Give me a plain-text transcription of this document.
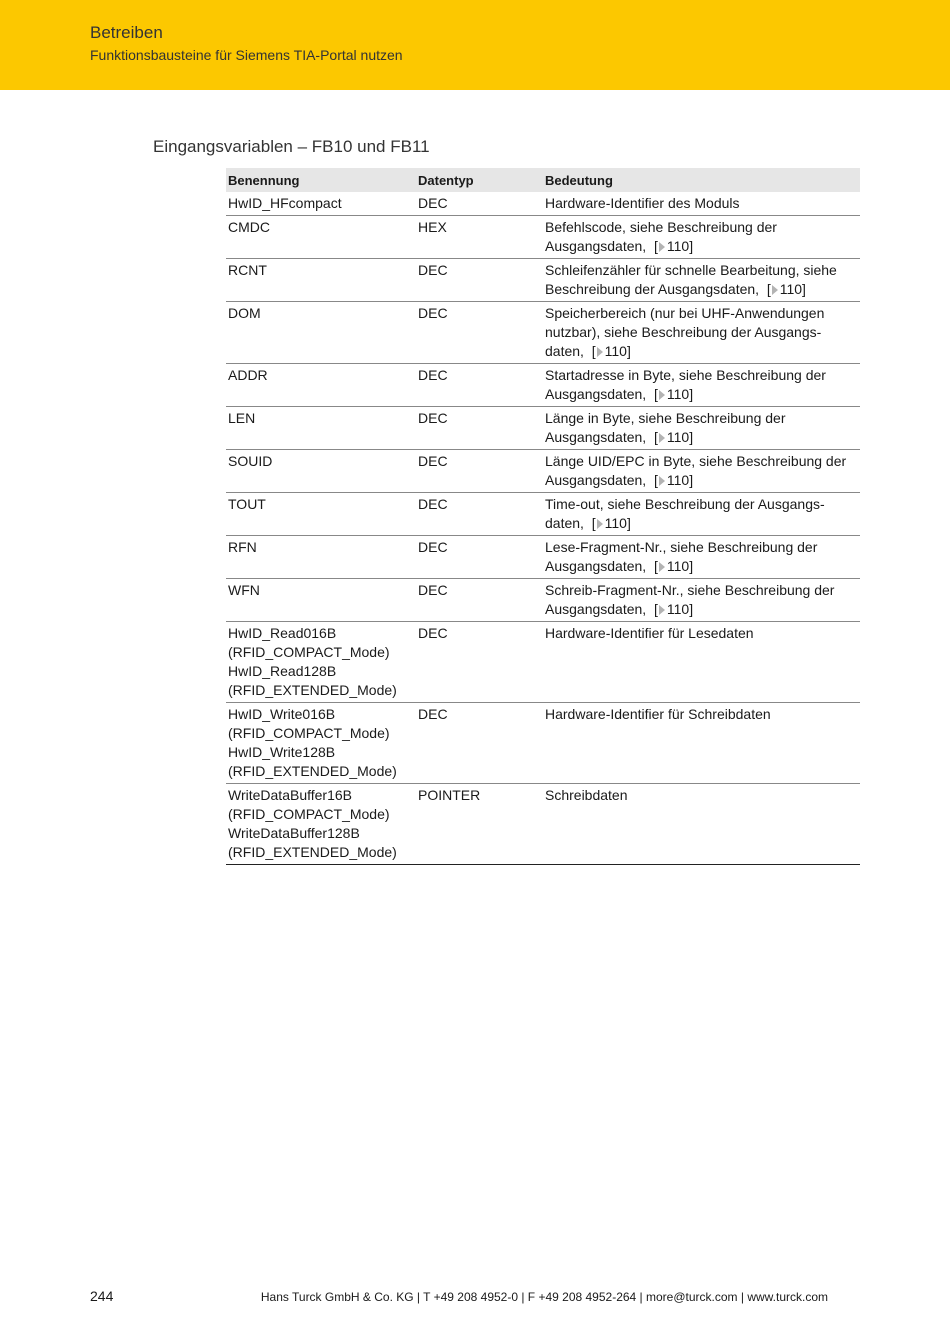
Betreiben
Funktionsbausteine für Siemens TIA-Portal nutzen
Eingangsvariablen – FB10 und FB11
Benennung	Datentyp	Bedeutung
HwID_HFcompact	DEC	Hardware-Identifier des Moduls
CMDC	HEX	Befehlscode, siehe Beschreibung der Ausgangsdaten,  [ 110]
RCNT	DEC	Schleifenzähler für schnelle Bearbeitung, siehe Beschreibung der Ausgangsdaten,  [ 110]
DOM	DEC	Speicherbereich (nur bei UHF-Anwendungen nutzbar), siehe Beschreibung der Ausgangsdaten,  [ 110]
ADDR	DEC	Startadresse in Byte, siehe Beschreibung der Ausgangsdaten,  [ 110]
LEN	DEC	Länge in Byte, siehe Beschreibung der Ausgangsdaten,  [ 110]
SOUID	DEC	Länge UID/EPC in Byte, siehe Beschreibung der Ausgangsdaten,  [ 110]
TOUT	DEC	Time-out, siehe Beschreibung der Ausgangsdaten,  [ 110]
RFN	DEC	Lese-Fragment-Nr., siehe Beschreibung der Ausgangsdaten,  [ 110]
WFN	DEC	Schreib-Fragment-Nr., siehe Beschreibung der Ausgangsdaten,  [ 110]
HwID_Read016B
(RFID_COMPACT_Mode)
HwID_Read128B
(RFID_EXTENDED_Mode)	DEC	Hardware-Identifier für Lesedaten
HwID_Write016B
(RFID_COMPACT_Mode)
HwID_Write128B
(RFID_EXTENDED_Mode)	DEC	Hardware-Identifier für Schreibdaten
WriteDataBuffer16B
(RFID_COMPACT_Mode)
WriteDataBuffer128B
(RFID_EXTENDED_Mode)	POINTER	Schreibdaten
244	Hans Turck GmbH & Co. KG | T +49 208 4952-0 | F +49 208 4952-264 | more@turck.com | www.turck.com
